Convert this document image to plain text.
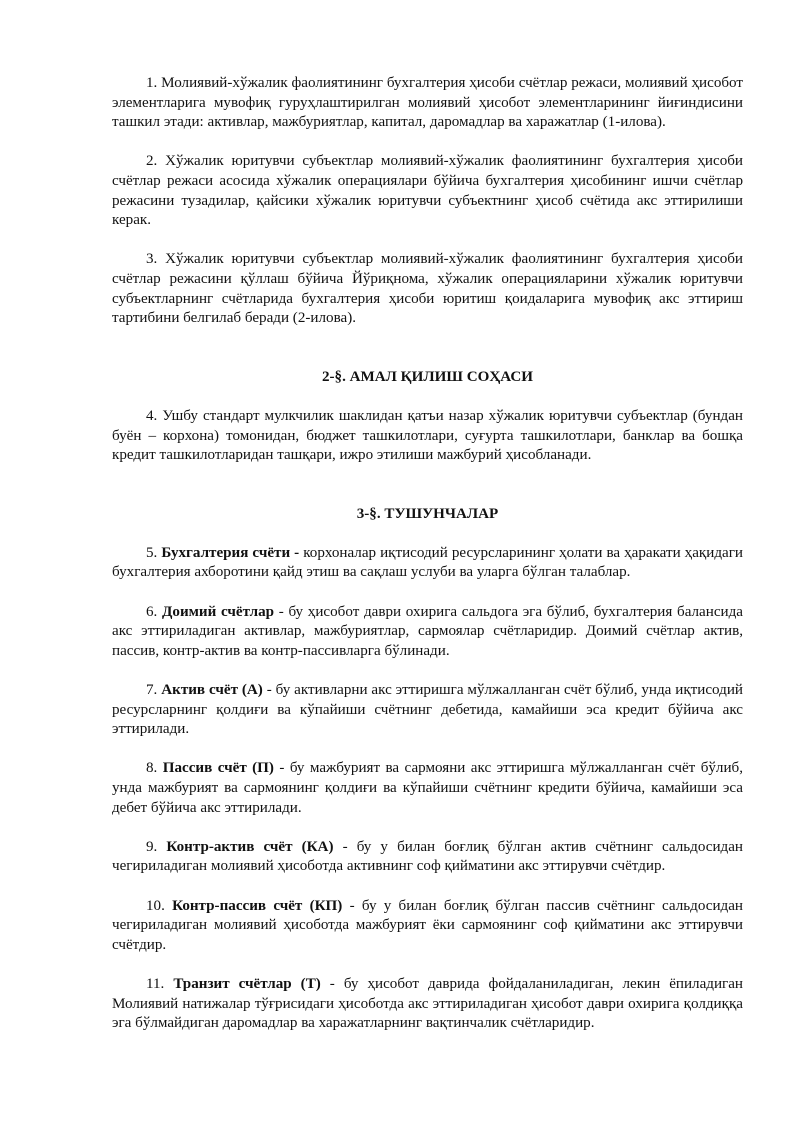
1. Молиявий-хўжалик фаолиятининг бухгалтерия ҳисоби счётлар режаси, молиявий ҳисобот элементларига мувофиқ гуруҳлаштирилган молиявий ҳисобот элементларининг йиғиндисини ташкил этади: активлар, мажбуриятлар, капитал, даромадлар ва харажатлар (1-илова).

2. Хўжалик юритувчи субъектлар молиявий-хўжалик фаолиятининг бухгалтерия ҳисоби счётлар режаси асосида хўжалик операциялари бўйича бухгалтерия ҳисобининг ишчи счётлар режасини тузадилар, қайсики хўжалик юритувчи субъектнинг ҳисоб счётида акс эттирилиши керак.

3. Хўжалик юритувчи субъектлар молиявий-хўжалик фаолиятининг бухгалтерия ҳисоби счётлар режасини қўллаш бўйича Йўриқнома, хўжалик операцияларини хўжалик юритувчи субъектларнинг счётларида бухгалтерия ҳисоби юритиш қоидаларига мувофиқ акс эттириш тартибини белгилаб беради (2-илова).

2-§. АМАЛ ҚИЛИШ СОҲАСИ

4. Ушбу стандарт мулкчилик шаклидан қатъи назар хўжалик юритувчи субъектлар (бундан буён – корхона) томонидан, бюджет ташкилотлари, суғурта ташкилотлари, банклар ва бошқа кредит ташкилотларидан ташқари, ижро этилиши мажбурий ҳисобланади.

3-§. ТУШУНЧАЛАР

5. Бухгалтерия счёти - корхоналар иқтисодий ресурсларининг ҳолати ва ҳаракати ҳақидаги бухгалтерия ахборотини қайд этиш ва сақлаш услуби ва уларга бўлган талаблар.

6. Доимий счётлар - бу ҳисобот даври охирига сальдога эга бўлиб, бухгалтерия балансида акс эттириладиган активлар, мажбуриятлар, сармоялар счётларидир. Доимий счётлар актив, пассив, контр-актив ва контр-пассивларга бўлинади.

7. Актив счёт (А) - бу активларни акс эттиришга мўлжалланган счёт бўлиб, унда иқтисодий ресурсларнинг қолдиғи ва кўпайиши счётнинг дебетида, камайиши эса кредит бўйича акс эттирилади.

8. Пассив счёт (П) - бу мажбурият ва сармояни акс эттиришга мўлжалланган счёт бўлиб, унда мажбурият ва сармоянинг қолдиғи ва кўпайиши счётнинг кредити бўйича, камайиши эса дебет бўйича акс эттирилади.

9. Контр-актив счёт (КА) - бу у билан боғлиқ бўлган актив счётнинг сальдосидан чегириладиган молиявий ҳисоботда активнинг соф қийматини акс эттирувчи счётдир.

10. Контр-пассив счёт (КП) - бу у билан боғлиқ бўлган пассив счётнинг сальдосидан чегириладиган молиявий ҳисоботда мажбурият ёки сармоянинг соф қийматини акс эттирувчи счётдир.

11. Транзит счётлар (Т) - бу ҳисобот даврида фойдаланиладиган, лекин ёпиладиган Молиявий натижалар тўғрисидаги ҳисоботда акс эттириладиган ҳисобот даври охирига қолдиққа эга бўлмайдиган даромадлар ва харажатларнинг вақтинчалик счётларидир.
